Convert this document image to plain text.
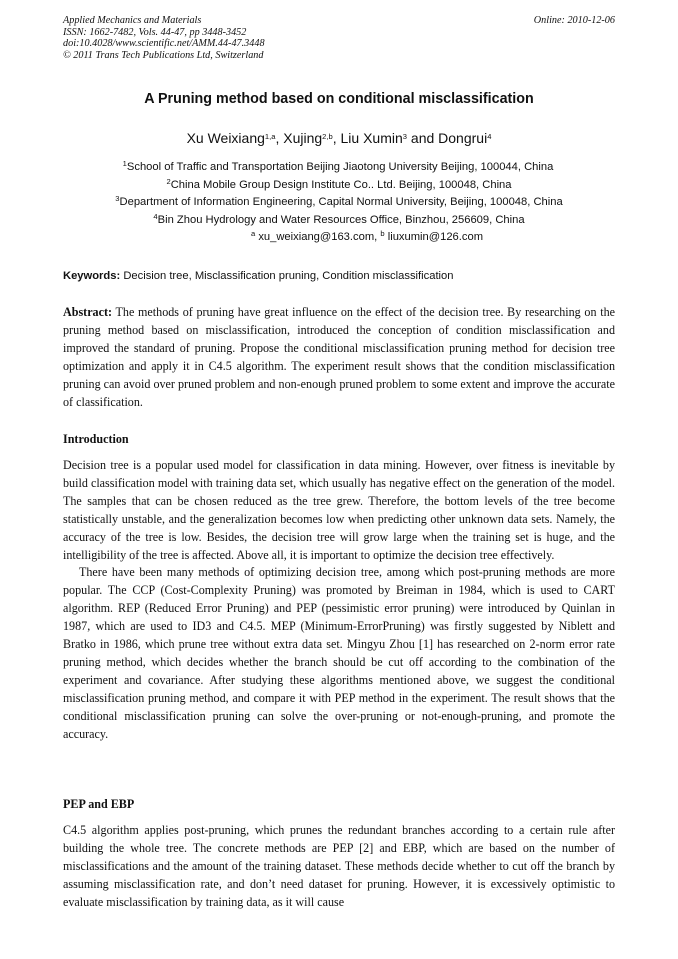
Applied Mechanics and Materials
ISSN: 1662-7482, Vols. 44-47, pp 3448-3452
doi:10.4028/www.scientific.net/AMM.44-47.3448
© 2011 Trans Tech Publications Ltd, Switzerland
Online: 2010-12-06
A Pruning method based on conditional misclassification
Xu Weixiang$^{1,a}$, Xujing$^{2,b}$, Liu Xumin$^3$ and Dongrui$^4$
$^1$School of Traffic and Transportation Beijing Jiaotong University Beijing, 100044, China
$^2$China Mobile Group Design Institute Co.. Ltd. Beijing, 100048, China
$^3$Department of Information Engineering, Capital Normal University, Beijing, 100048, China
$^4$Bin Zhou Hydrology and Water Resources Office, Binzhou, 256609, China
$^a$ xu_weixiang@163.com, $^b$ liuxumin@126.com
Keywords: Decision tree, Misclassification pruning, Condition misclassification
Abstract: The methods of pruning have great influence on the effect of the decision tree. By researching on the pruning method based on misclassification, introduced the conception of condition misclassification and improved the standard of pruning. Propose the conditional misclassification pruning method for decision tree optimization and apply it in C4.5 algorithm. The experiment result shows that the condition misclassification pruning can avoid over pruned problem and non-enough pruned problem to some extent and improve the accurate of classification.
Introduction

Decision tree is a popular used model for classification in data mining. However, over fitness is inevitable by build classification model with training data set, which usually has negative effect on the generation of the model. The samples that can be chosen reduced as the tree grew. Therefore, the bottom levels of the tree become statistically unstable, and the generalization becomes low when predicting other unknown data sets. Namely, the accuracy of the tree is low. Besides, the decision tree will grow large when the training set is huge, and the intelligibility of the tree is affected. Above all, it is important to optimize the decision tree effectively.

There have been many methods of optimizing decision tree, among which post-pruning methods are more popular. The CCP (Cost-Complexity Pruning) was promoted by Breiman in 1984, which is used to CART algorithm. REP (Reduced Error Pruning) and PEP (pessimistic error pruning) were introduced by Quinlan in 1987, which are used to ID3 and C4.5. MEP (Minimum-ErrorPruning) was firstly suggested by Niblett and Bratko in 1986, which prune tree without extra data set. Mingyu Zhou [1] has researched on 2-norm error rate pruning method, which decides whether the branch should be cut off according to the combination of the experiment and covariance. After studying these algorithms mentioned above, we suggest the conditional misclassification pruning method, and compare it with PEP method in the experiment. The result shows that the conditional misclassification pruning can solve the over-pruning or not-enough-pruning, and promote the accuracy.

PEP and EBP
C4.5 algorithm applies post-pruning, which prunes the redundant branches according to a certain rule after building the whole tree. The concrete methods are PEP [2] and EBP, which are based on the number of misclassifications and the amount of the training dataset. These methods decide whether to cut off the branch by assuming misclassification rate, and don’t need dataset for pruning. However, it is excessively optimistic to evaluate misclassification by training data, as it will cause
